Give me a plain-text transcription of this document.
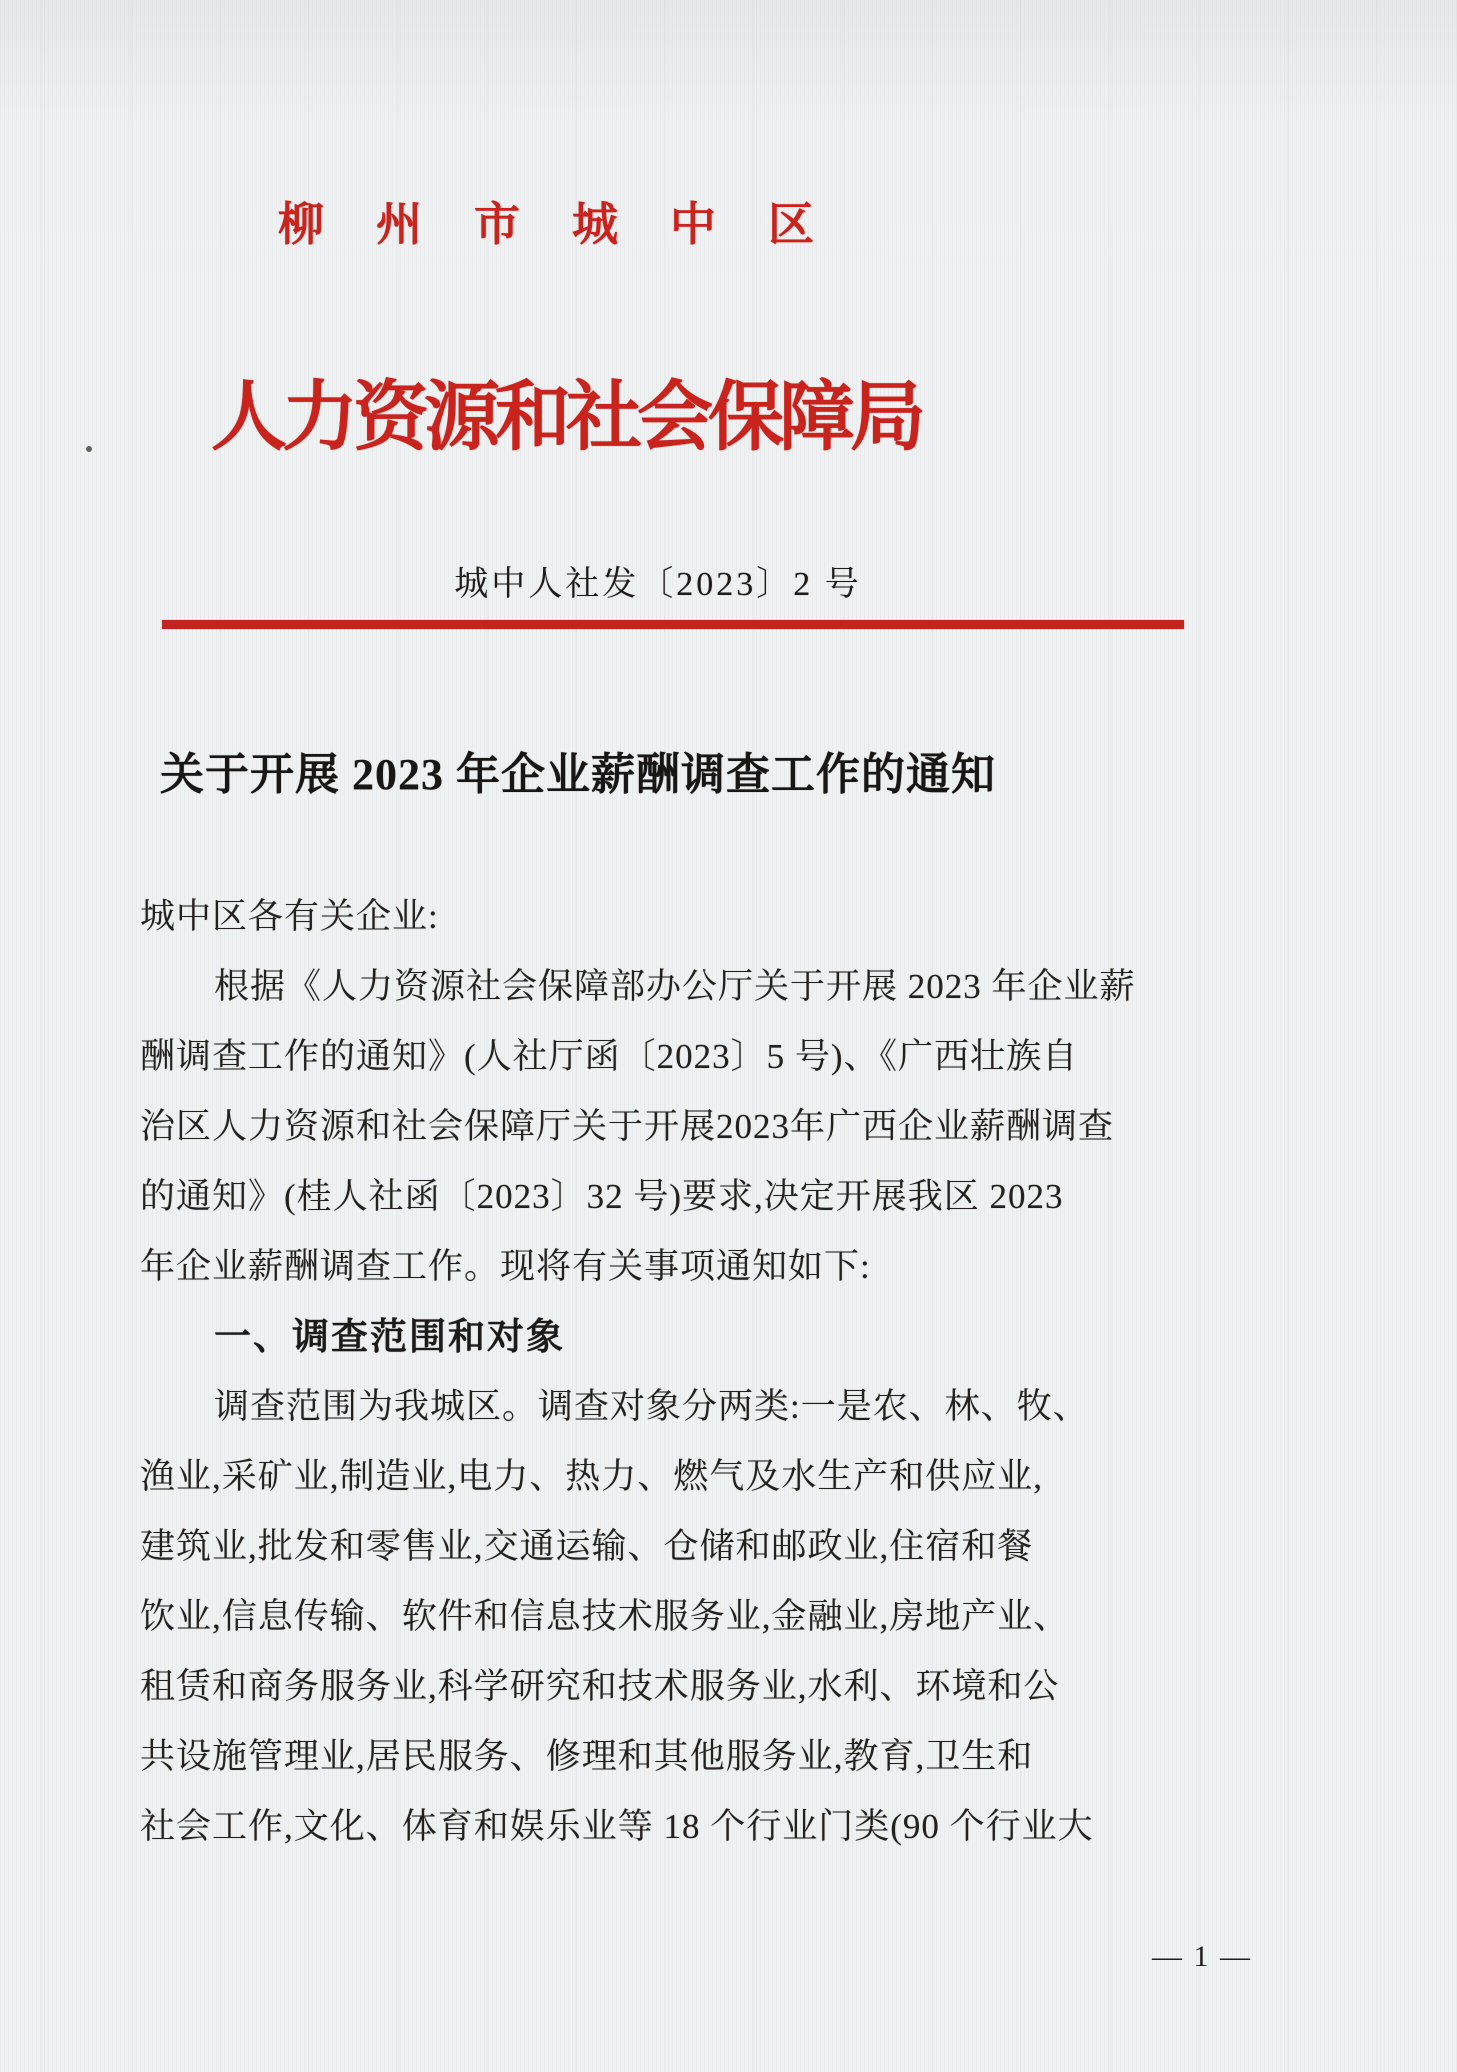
柳州市城中区
人力资源和社会保障局
城中人社发〔2023〕2 号
关于开展 2023 年企业薪酬调查工作的通知
城中区各有关企业:
根据《人力资源社会保障部办公厅关于开展 2023 年企业薪
酬调查工作的通知》(人社厅函〔2023〕5 号)、《广西壮族自
治区人力资源和社会保障厅关于开展2023年广西企业薪酬调查
的通知》(桂人社函〔2023〕32 号)要求,决定开展我区 2023
年企业薪酬调查工作。现将有关事项通知如下:
一、调查范围和对象
调查范围为我城区。调查对象分两类:一是农、林、牧、
渔业,采矿业,制造业,电力、热力、燃气及水生产和供应业,
建筑业,批发和零售业,交通运输、仓储和邮政业,住宿和餐
饮业,信息传输、软件和信息技术服务业,金融业,房地产业、
租赁和商务服务业,科学研究和技术服务业,水利、环境和公
共设施管理业,居民服务、修理和其他服务业,教育,卫生和
社会工作,文化、体育和娱乐业等 18 个行业门类(90 个行业大
— 1 —
